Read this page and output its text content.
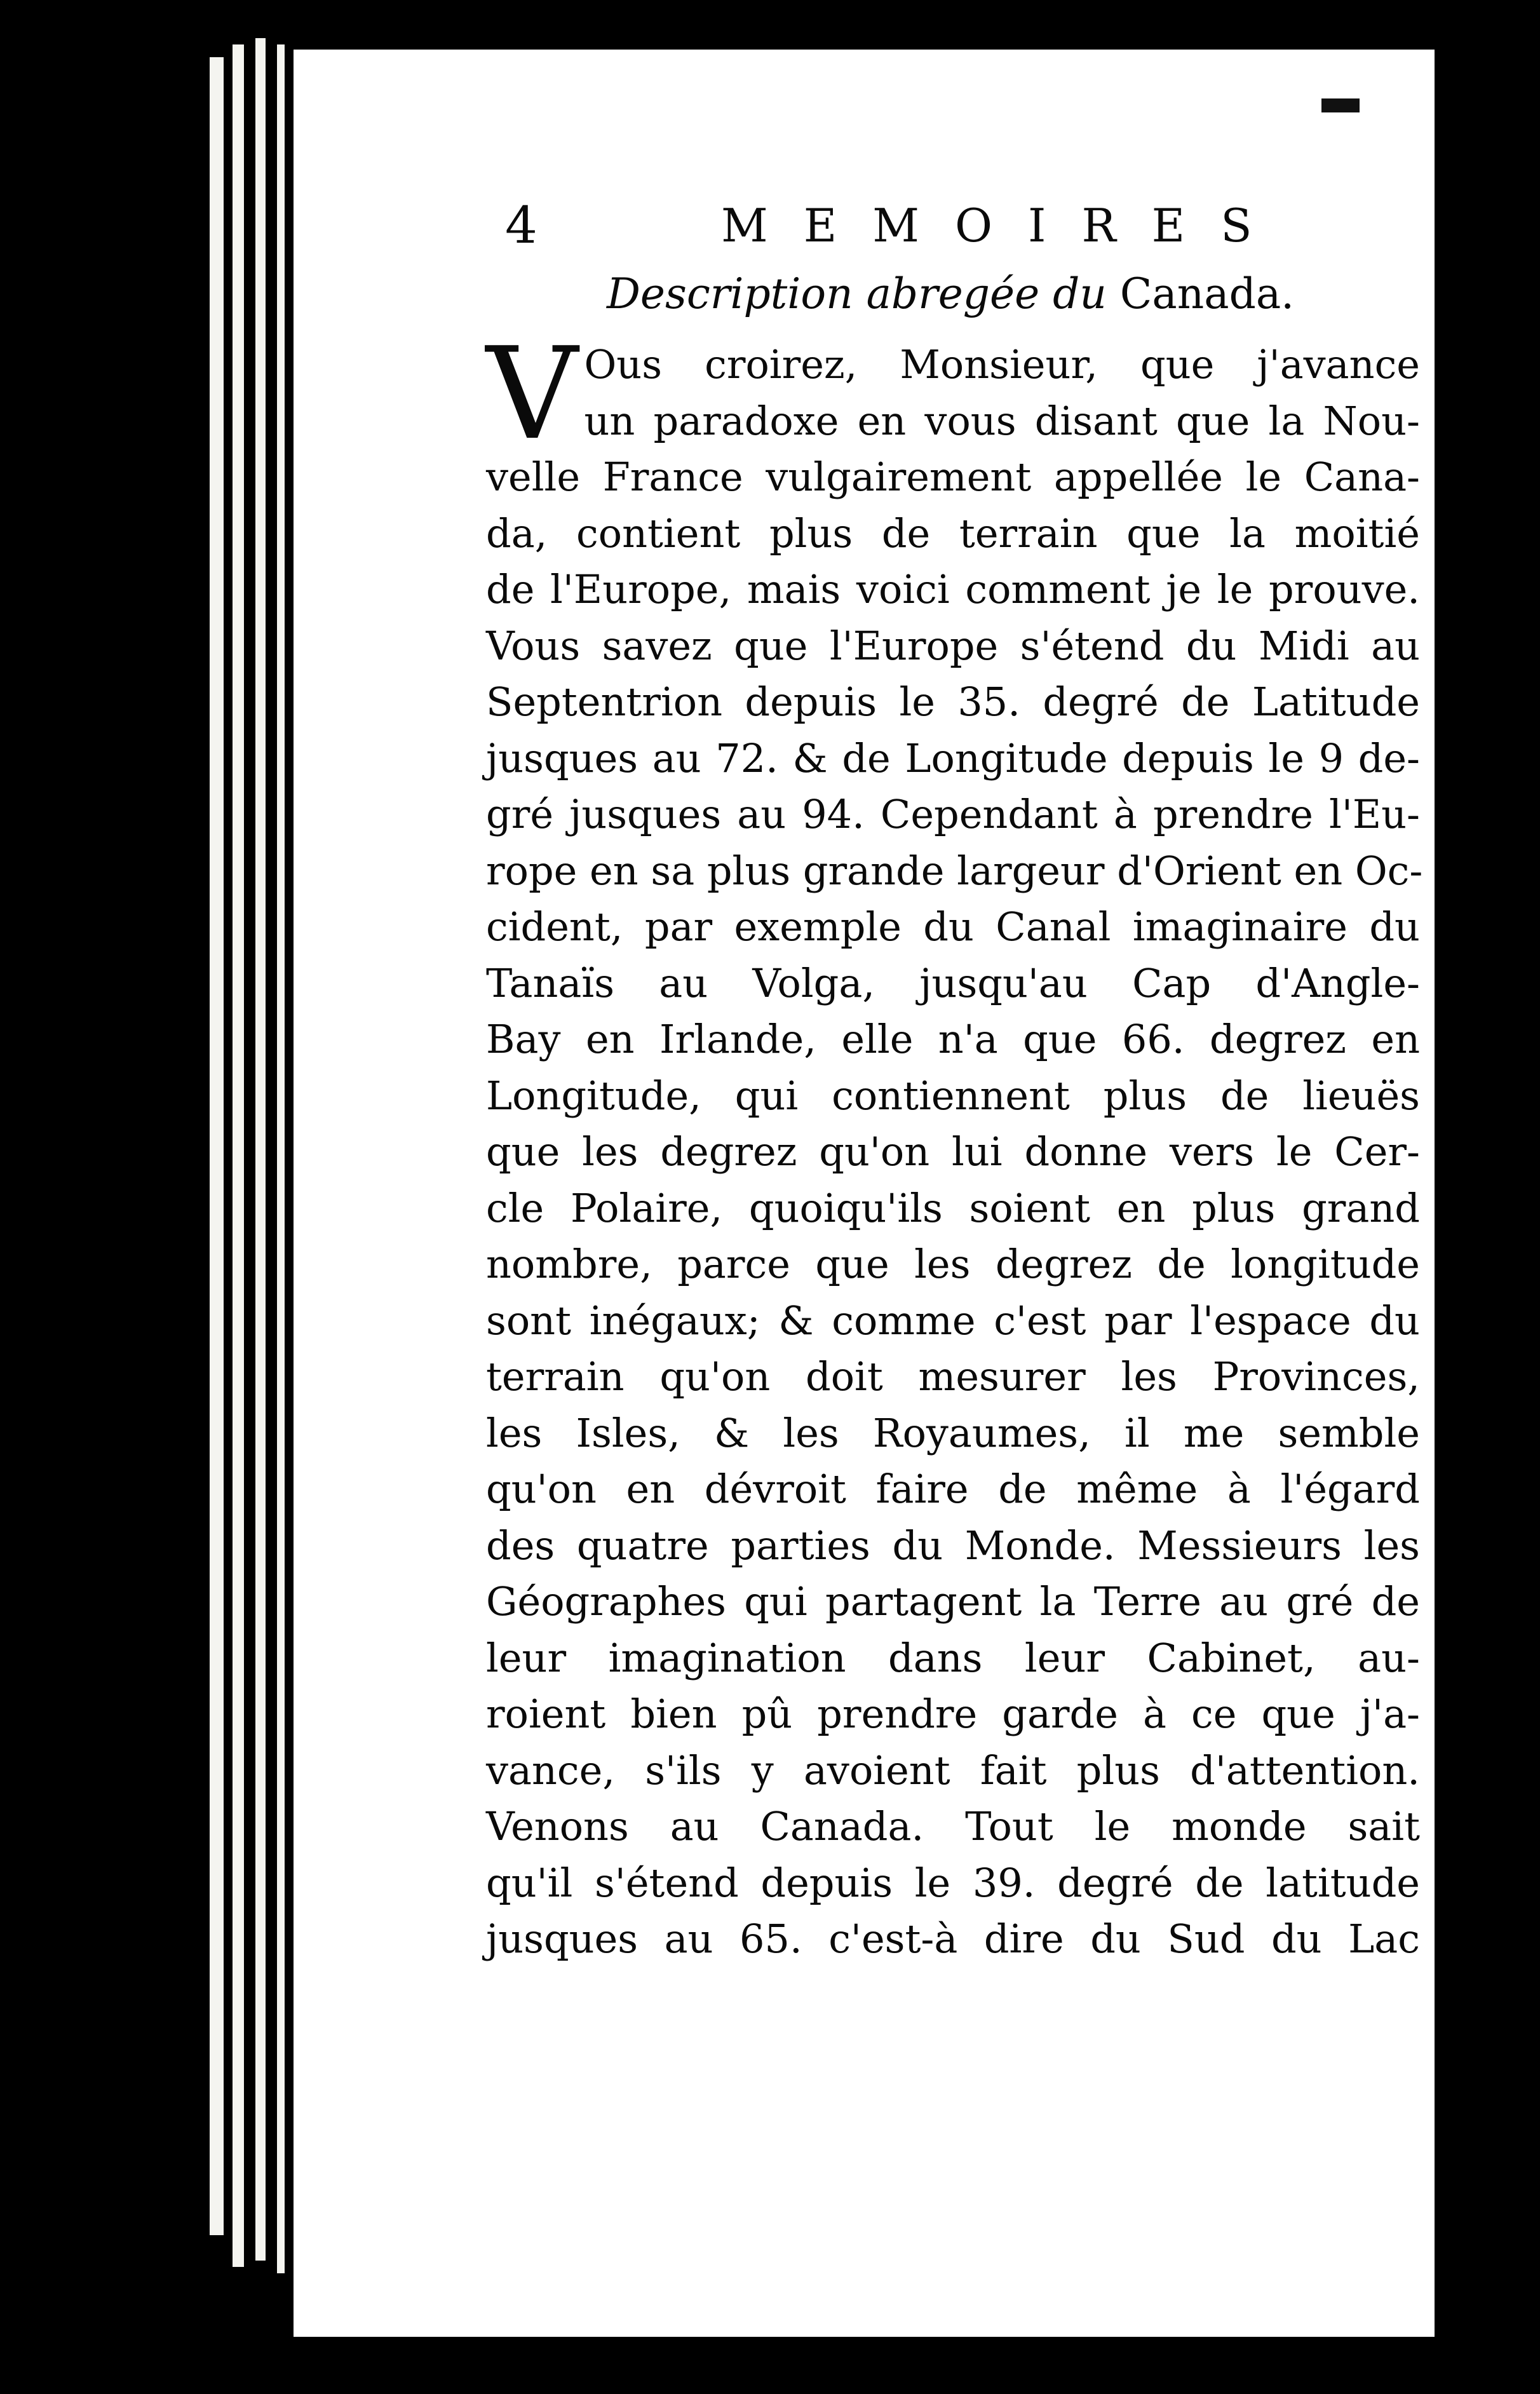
4	MEMOIRES
Description abregée du Canada.
V Ous croirez, Monsieur, que j'avance
un paradoxe en vous disant que la Nou-
velle France vulgairement appellée le Cana-
da, contient plus de terrain que la moitié
de l'Europe, mais voici comment je le prouve.
Vous savez que l'Europe s'étend du Midi au
Septentrion depuis le 35. degré de Latitude
jusques au 72. & de Longitude depuis le 9 de-
gré jusques au 94. Cependant à prendre l'Eu-
rope en sa plus grande largeur d'Orient en Oc-
cident, par exemple du Canal imaginaire du
Tanaïs au Volga, jusqu'au Cap d'Angle-
Bay en Irlande, elle n'a que 66. degrez en
Longitude, qui contiennent plus de lieuës
que les degrez qu'on lui donne vers le Cer-
cle Polaire, quoiqu'ils soient en plus grand
nombre, parce que les degrez de longitude
sont inégaux; & comme c'est par l'espace du
terrain qu'on doit mesurer les Provinces,
les Isles, & les Royaumes, il me semble
qu'on en dévroit faire de même à l'égard
des quatre parties du Monde. Messieurs les
Géographes qui partagent la Terre au gré de
leur imagination dans leur Cabinet, au-
roient bien pû prendre garde à ce que j'a-
vance, s'ils y avoient fait plus d'attention.
Venons au Canada. Tout le monde sait
qu'il s'étend depuis le 39. degré de latitude
jusques au 65. c'est-à dire du Sud du Lac
